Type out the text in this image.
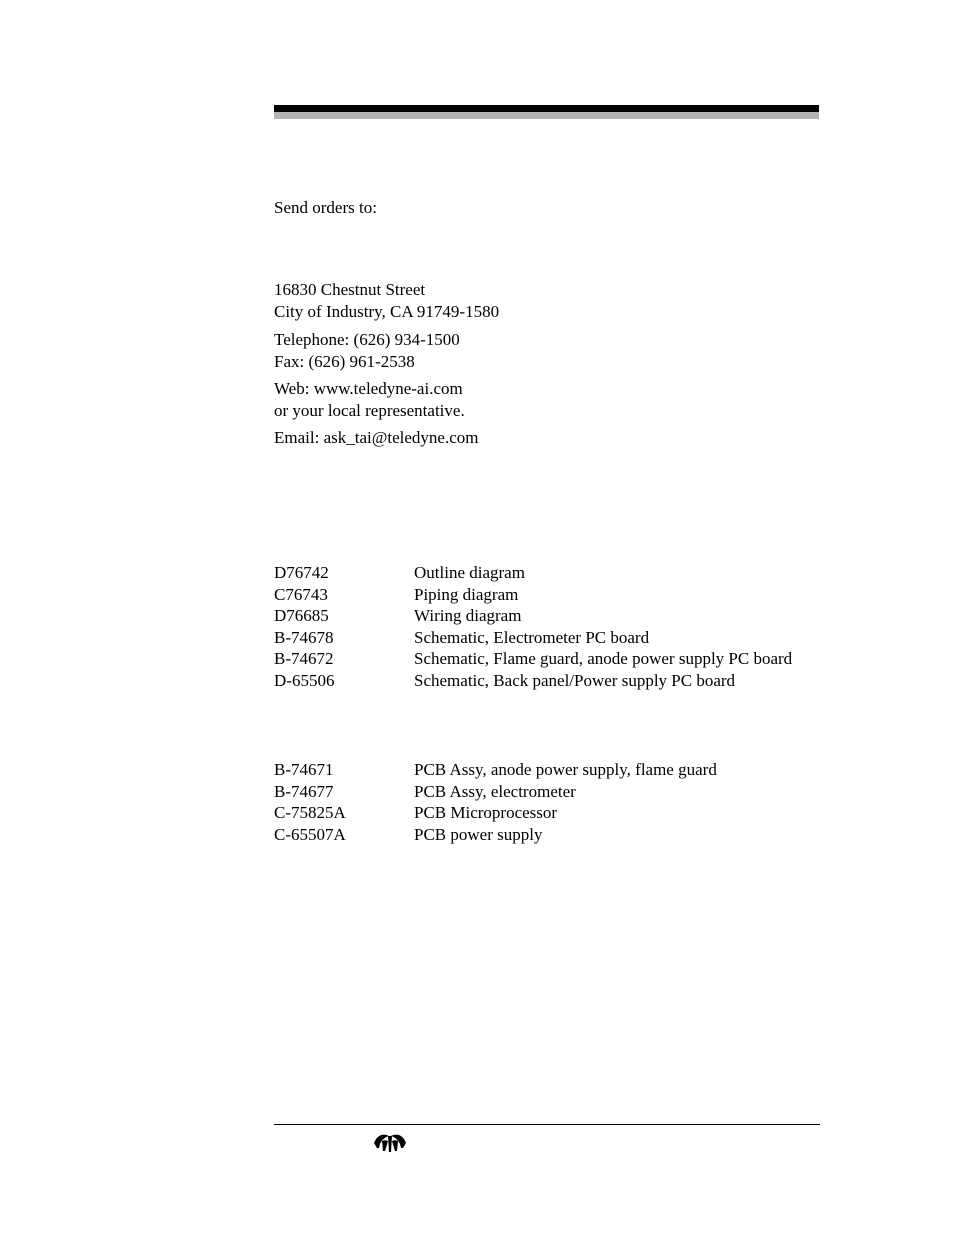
Send orders to:
16830 Chestnut Street
City of Industry, CA 91749-1580
Telephone: (626) 934-1500
Fax: (626) 961-2538
Web: www.teledyne-ai.com
or your local representative.
Email: ask_tai@teledyne.com
D76742	Outline diagram
C76743	Piping diagram
D76685	Wiring diagram
B-74678	Schematic, Electrometer PC board
B-74672	Schematic, Flame guard, anode power supply PC board
D-65506	Schematic, Back panel/Power supply PC board
B-74671	PCB Assy, anode power supply, flame guard
B-74677	PCB Assy, electrometer
C-75825A	PCB Microprocessor
C-65507A	PCB power supply
